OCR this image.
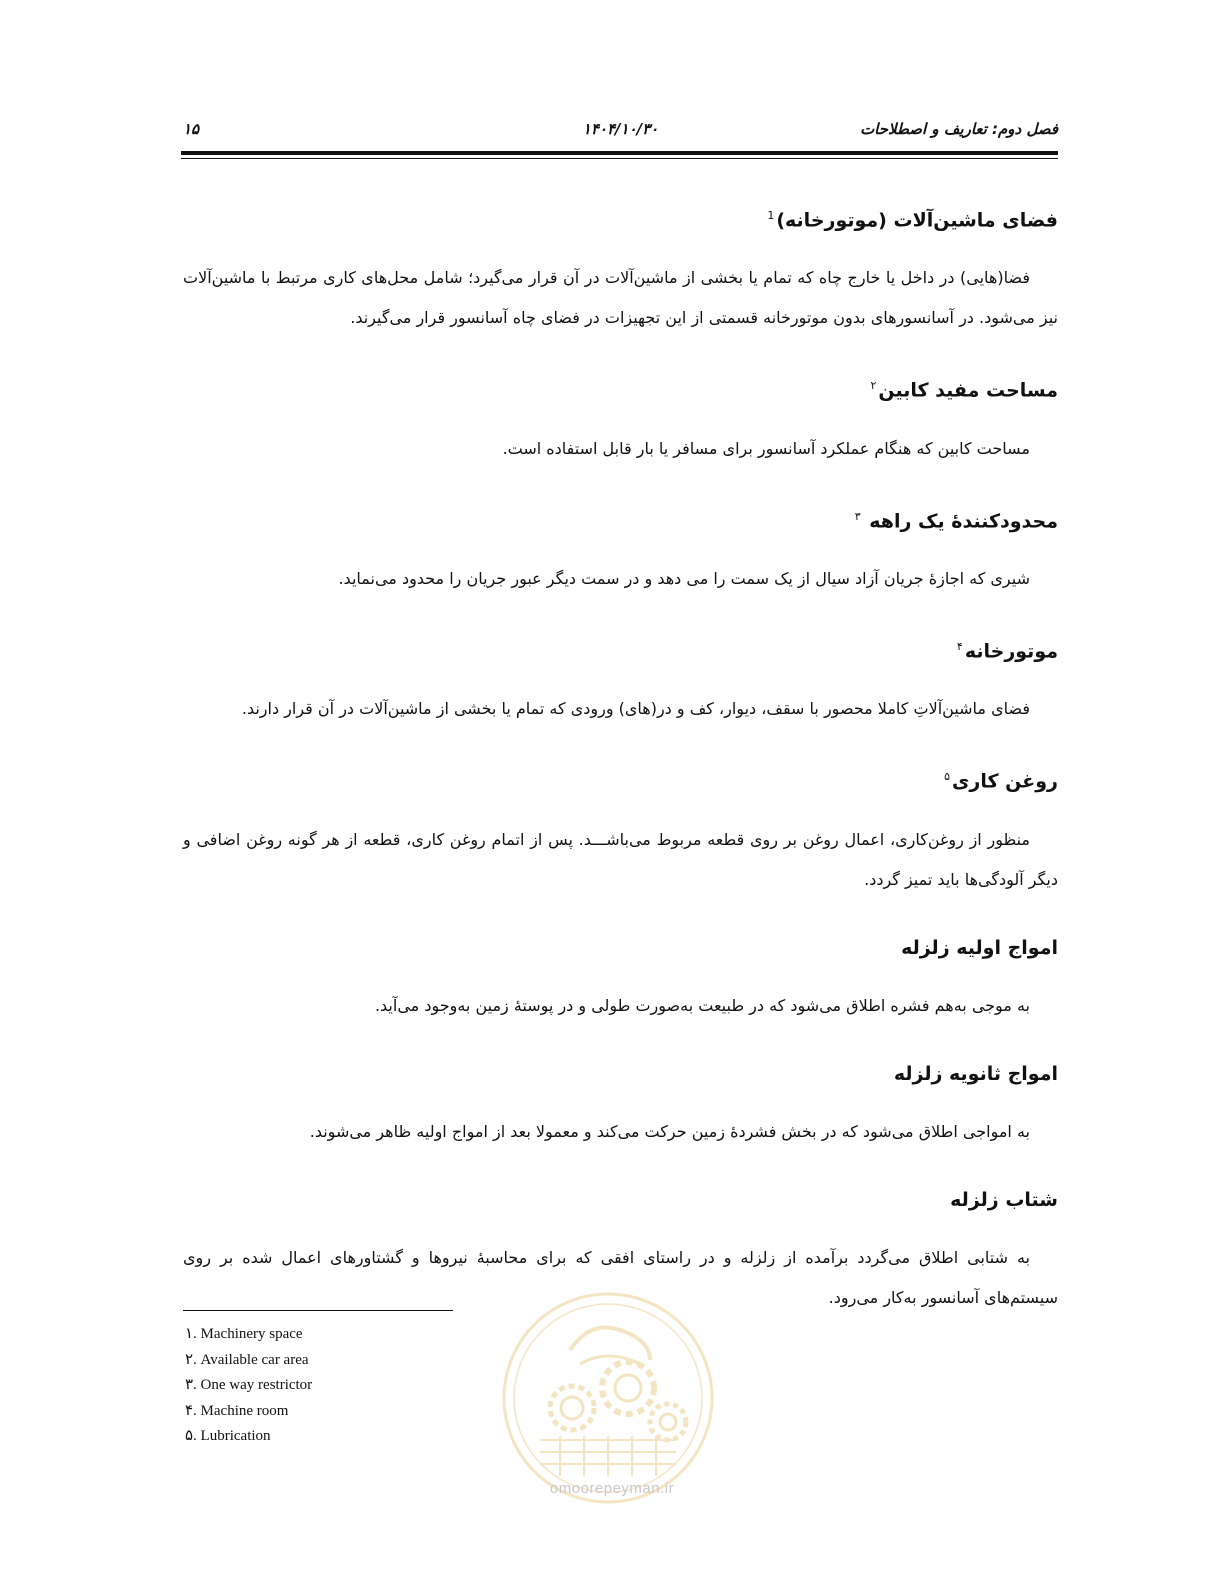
فصل دوم: تعاریف و اصطلاحات
۱۴۰۴/۱۰/۳۰
۱۵
فضای ماشین‌آلات (موتورخانه)$^1$

فضا(هایی) در داخل یا خارج چاه که تمام یا بخشی از ماشین‌آلات در آن قرار می‌گیرد؛ شامل محل‌های کاری مرتبط با ماشین‌آلات نیز می‌شود. در آسانسورهای بدون موتورخانه قسمتی از این تجهیزات در فضای چاه آسانسور قرار می‌گیرند.

مساحت مفید کابین$^۲$

مساحت کابین که هنگام عملکرد آسانسور برای مسافر یا بار قابل استفاده است.

محدودکنندۀ یک راهه $^۳$

شیری که اجازۀ جریان آزاد سیال از یک سمت را می دهد و در سمت دیگر عبور جریان را محدود می‌نماید.

موتورخانه$^۴$

فضای ماشین‌آلاتِ کاملا محصور با سقف، دیوار، کف و در(های) ورودی که تمام یا بخشی از ماشین‌آلات در آن قرار دارند.

روغن کاری$^۵$

منظور از روغن‌کاری، اعمال روغن بر روی قطعه مربوط می‌باشـــد. پس از اتمام روغن کاری، قطعه از هر گونه روغن اضافی و دیگر آلودگی‌ها باید تمیز گردد.

امواج اولیه زلزله

به موجی به‌هم فشره اطلاق می‌شود که در طبیعت به‌صورت طولی و در پوستۀ زمین به‌وجود می‌آید.

امواج ثانویه زلزله

به امواجی اطلاق می‌شود که در بخش فشردۀ زمین حرکت می‌کند و معمولا بعد از امواج اولیه ظاهر می‌شوند.

شتاب زلزله

به شتابی اطلاق می‌گردد برآمده از زلزله و در راستای افقی که برای محاسبۀ نیروها و گشتاورهای اعمال شده بر روی سیستم‌های آسانسور به‌کار می‌رود.

۱. Machinery space
۲. Available car area
۳. One way restrictor
۴. Machine room
۵. Lubrication
omoorepeyman.ir
